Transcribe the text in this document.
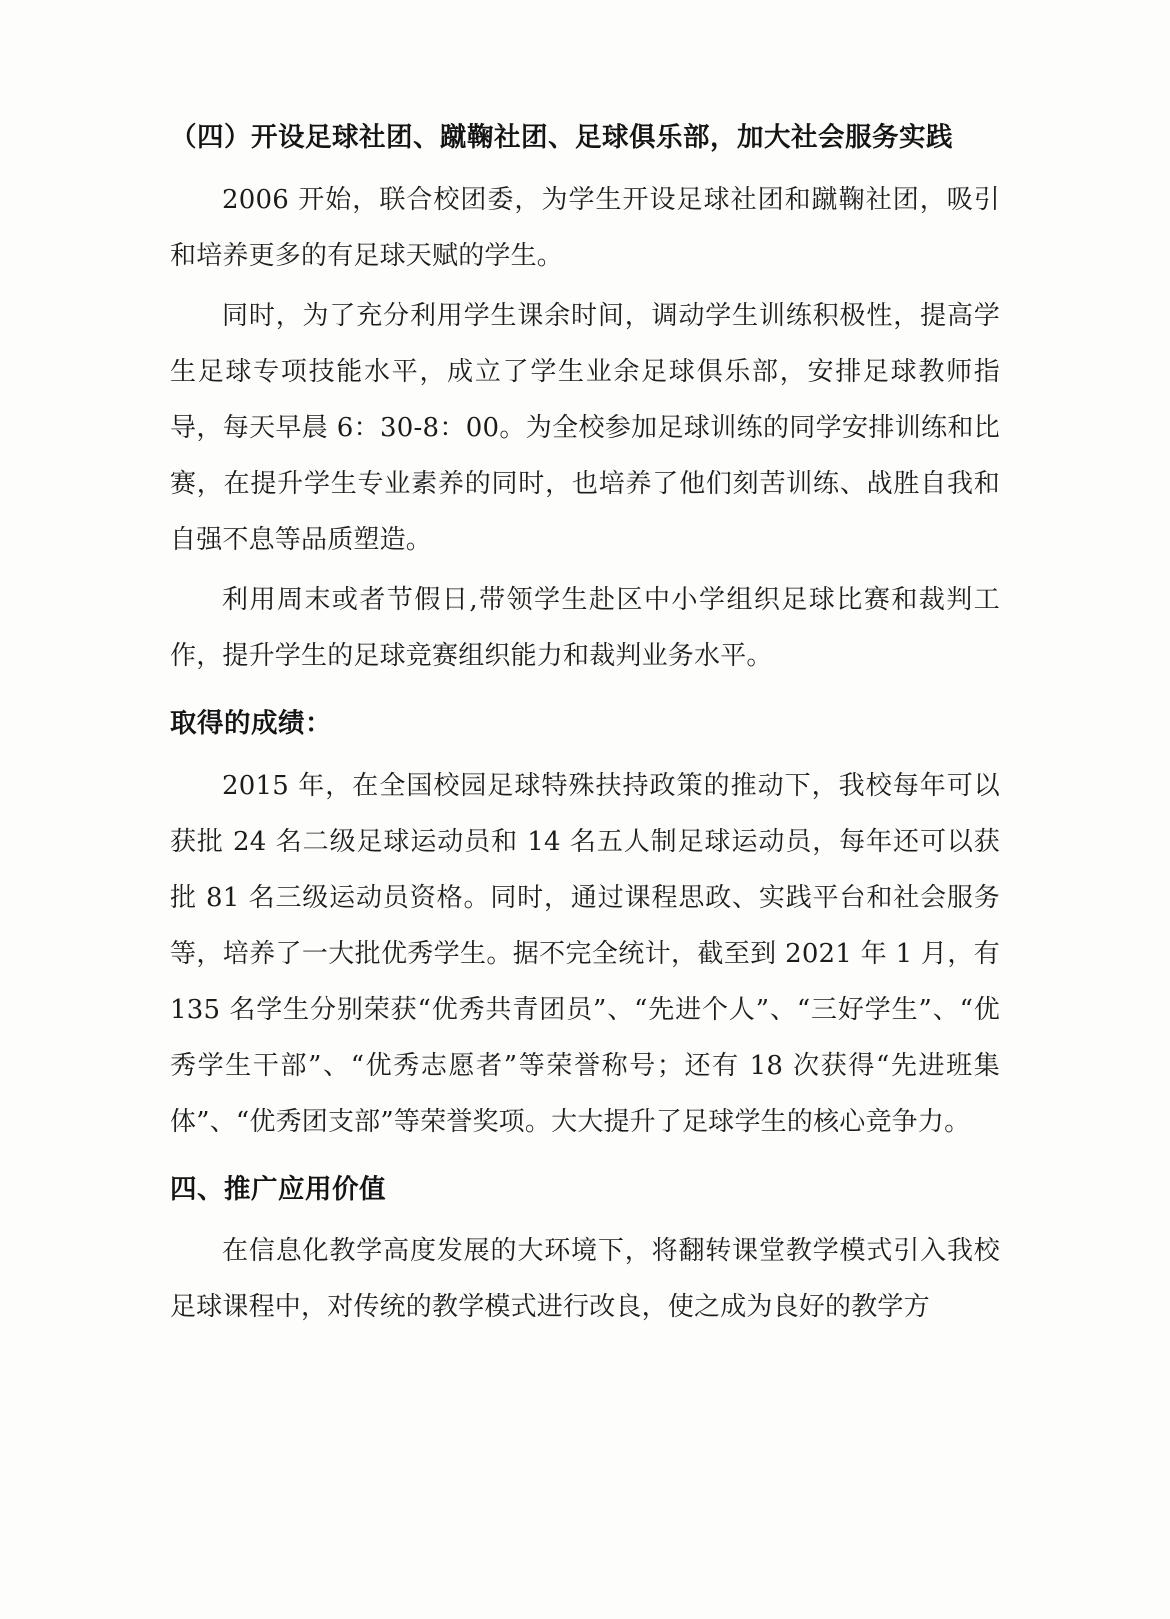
（四）开设足球社团、蹴鞠社团、足球俱乐部，加大社会服务实践

2006 开始，联合校团委，为学生开设足球社团和蹴鞠社团，吸引和培养更多的有足球天赋的学生。

同时，为了充分利用学生课余时间，调动学生训练积极性，提高学生足球专项技能水平，成立了学生业余足球俱乐部，安排足球教师指导，每天早晨 6：30-8：00。为全校参加足球训练的同学安排训练和比赛，在提升学生专业素养的同时，也培养了他们刻苦训练、战胜自我和自强不息等品质塑造。

利用周末或者节假日,带领学生赴区中小学组织足球比赛和裁判工作，提升学生的足球竞赛组织能力和裁判业务水平。

取得的成绩：

2015 年，在全国校园足球特殊扶持政策的推动下，我校每年可以获批 24 名二级足球运动员和 14 名五人制足球运动员，每年还可以获批 81 名三级运动员资格。同时，通过课程思政、实践平台和社会服务等，培养了一大批优秀学生。据不完全统计，截至到 2021 年 1 月，有 135 名学生分别荣获“优秀共青团员”、“先进个人”、“三好学生”、“优秀学生干部”、“优秀志愿者”等荣誉称号；还有 18 次获得“先进班集体”、“优秀团支部”等荣誉奖项。大大提升了足球学生的核心竞争力。

四、推广应用价值

在信息化教学高度发展的大环境下，将翻转课堂教学模式引入我校足球课程中，对传统的教学模式进行改良，使之成为良好的教学方
